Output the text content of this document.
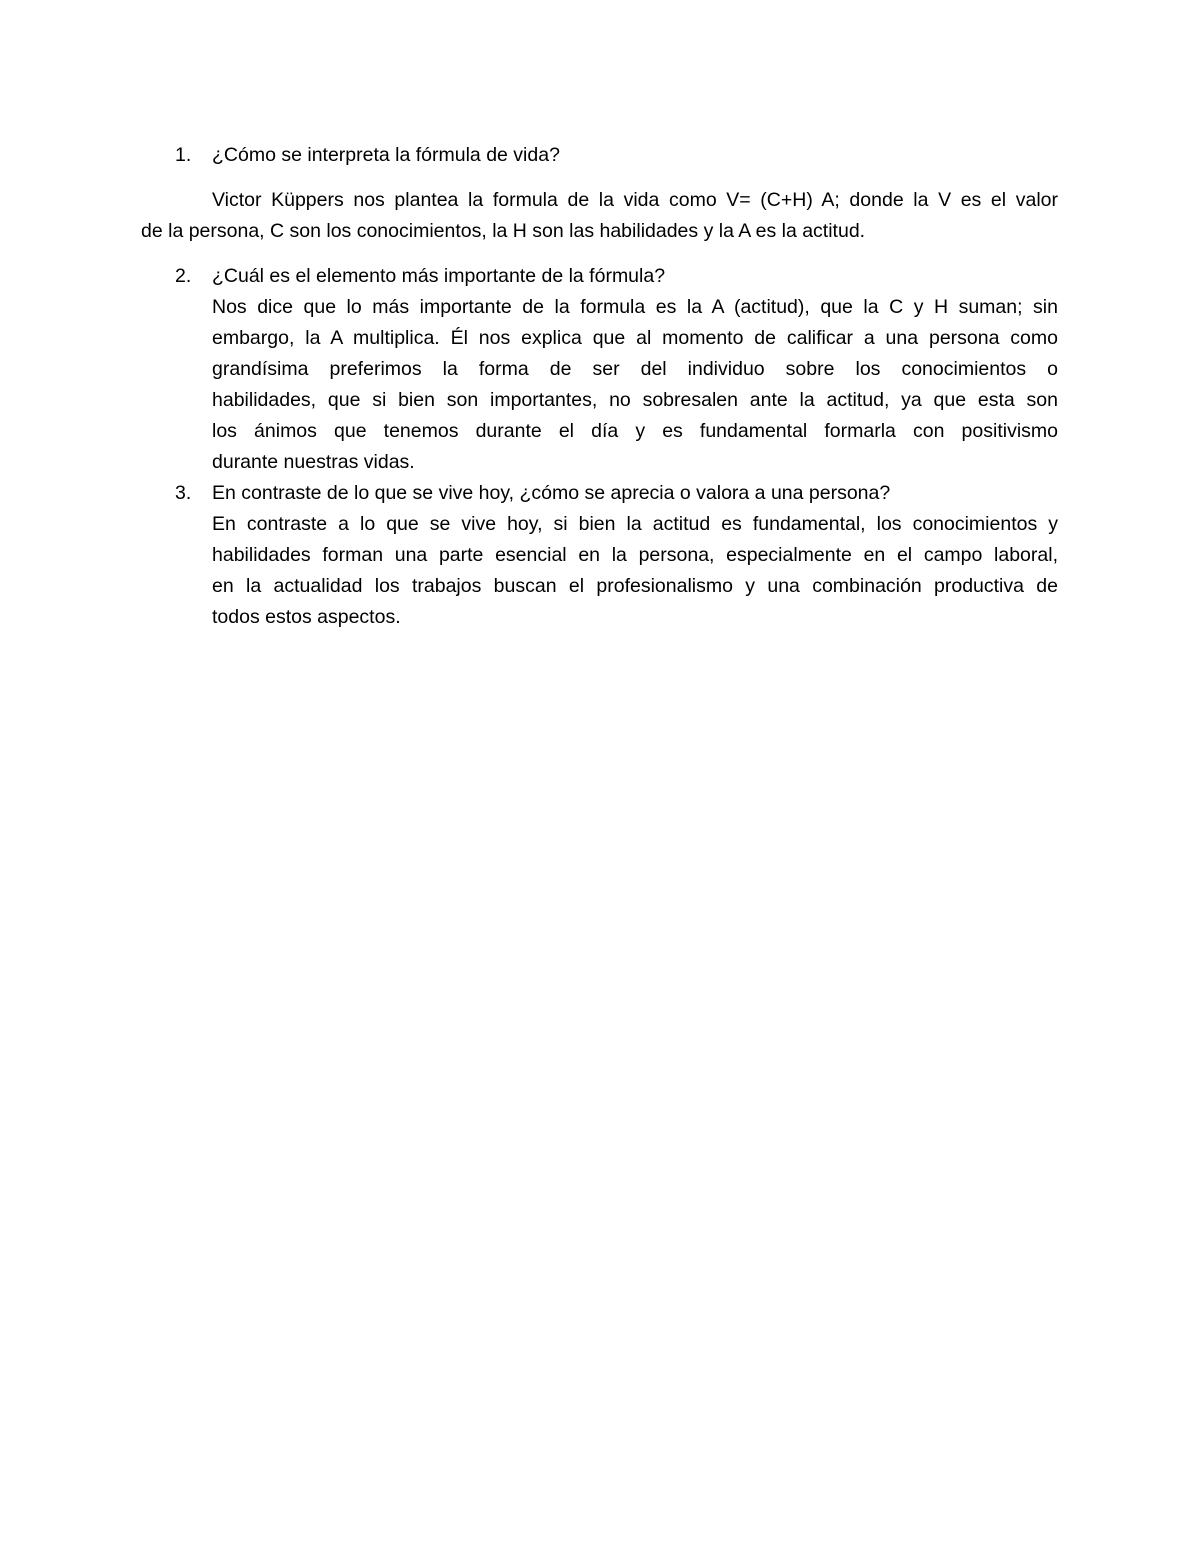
1. ¿Cómo se interpreta la fórmula de vida?
Victor Küppers nos plantea la formula de la vida como V= (C+H) A; donde la V es el valor
de la persona, C son los conocimientos, la H son las habilidades y la A es la actitud.
2. ¿Cuál es el elemento más importante de la fórmula?
Nos dice que lo más importante de la formula es la A (actitud), que la C y H suman; sin
embargo, la A multiplica. Él nos explica que al momento de calificar a una persona como
grandísima preferimos la forma de ser del individuo sobre los conocimientos o
habilidades, que si bien son importantes, no sobresalen ante la actitud, ya que esta son
los ánimos que tenemos durante el día y es fundamental formarla con positivismo
durante nuestras vidas.
3. En contraste de lo que se vive hoy, ¿cómo se aprecia o valora a una persona?
En contraste a lo que se vive hoy, si bien la actitud es fundamental, los conocimientos y
habilidades forman una parte esencial en la persona, especialmente en el campo laboral,
en la actualidad los trabajos buscan el profesionalismo y una combinación productiva de
todos estos aspectos.
